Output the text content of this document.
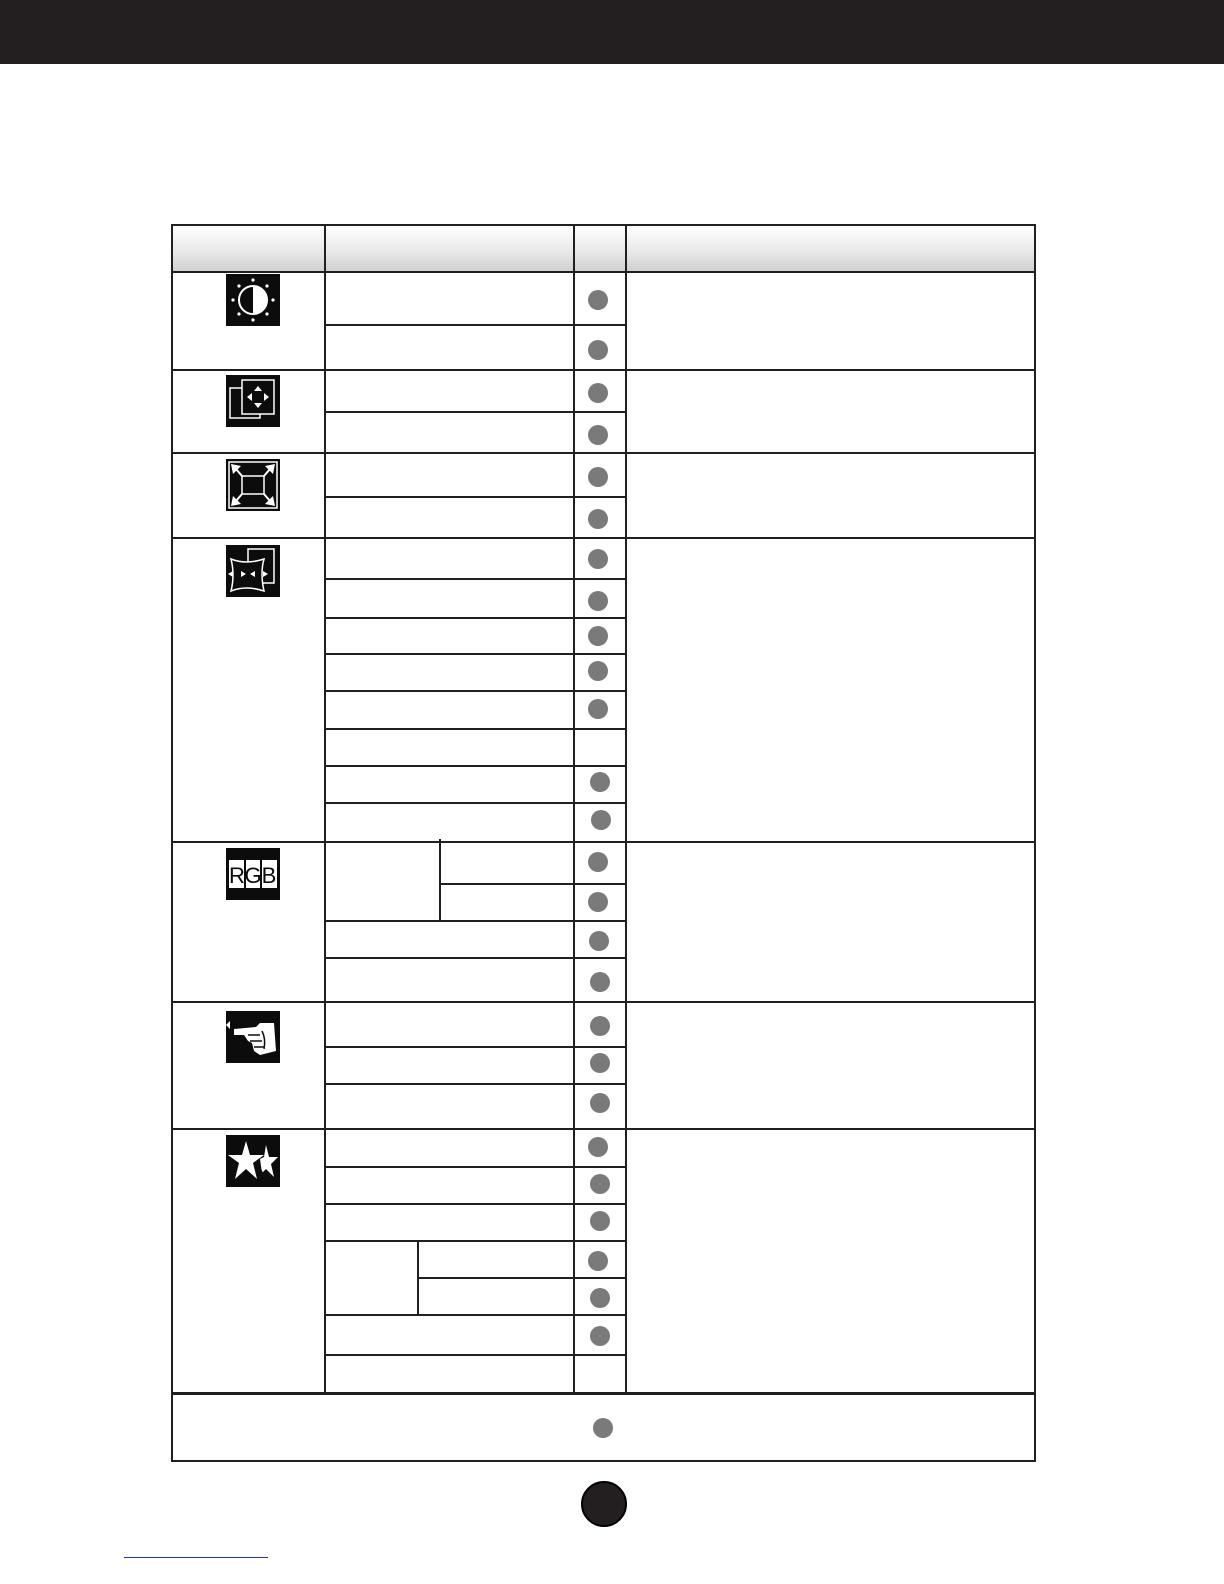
R G B
